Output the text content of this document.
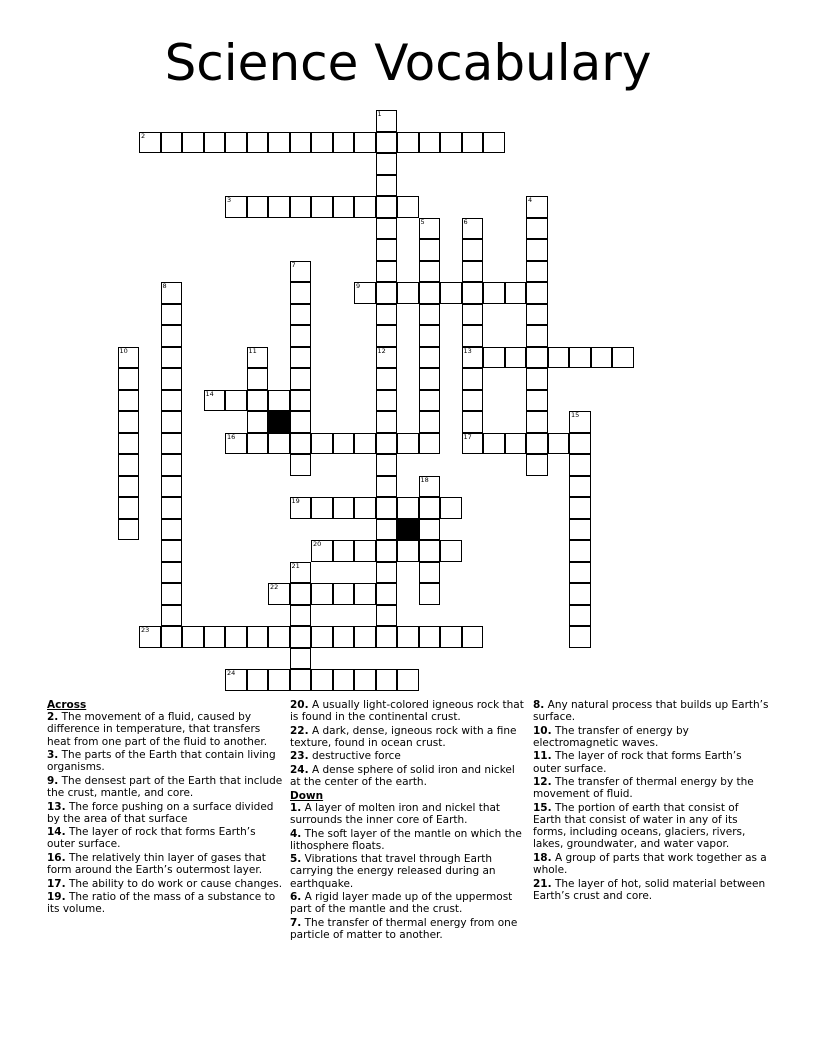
Science Vocabulary
2
3
9
13
14
16	17
19
20
22
23
24
1
12
4
5	6
7
8
10	11
15
18
21
Across
2. The movement of a fluid, caused by difference in temperature, that transfers heat from one part of the fluid to another.
3. The parts of the Earth that contain living organisms.
9. The densest part of the Earth that include the crust, mantle, and core.
13. The force pushing on a surface divided by the area of that surface
14. The layer of rock that forms Earth’s outer surface.
16. The relatively thin layer of gases that form around the Earth’s outermost layer.
17. The ability to do work or cause changes.
19. The ratio of the mass of a substance to its volume.
20. A usually light-colored igneous rock that is found in the continental crust.
22. A dark, dense, igneous rock with a fine texture, found in ocean crust.
23. destructive force
24. A dense sphere of solid iron and nickel at the center of the earth.
Down
1. A layer of molten iron and nickel that surrounds the inner core of Earth.
4. The soft layer of the mantle on which the lithosphere floats.
5. Vibrations that travel through Earth carrying the energy released during an earthquake.
6. A rigid layer made up of the uppermost part of the mantle and the crust.
7. The transfer of thermal energy from one particle of matter to another.
8. Any natural process that builds up Earth’s surface.
10. The transfer of energy by electromagnetic waves.
11. The layer of rock that forms Earth’s outer surface.
12. The transfer of thermal energy by the movement of fluid.
15. The portion of earth that consist of Earth that consist of water in any of its forms, including oceans, glaciers, rivers, lakes, groundwater, and water vapor.
18. A group of parts that work together as a whole.
21. The layer of hot, solid material between Earth’s crust and core.
